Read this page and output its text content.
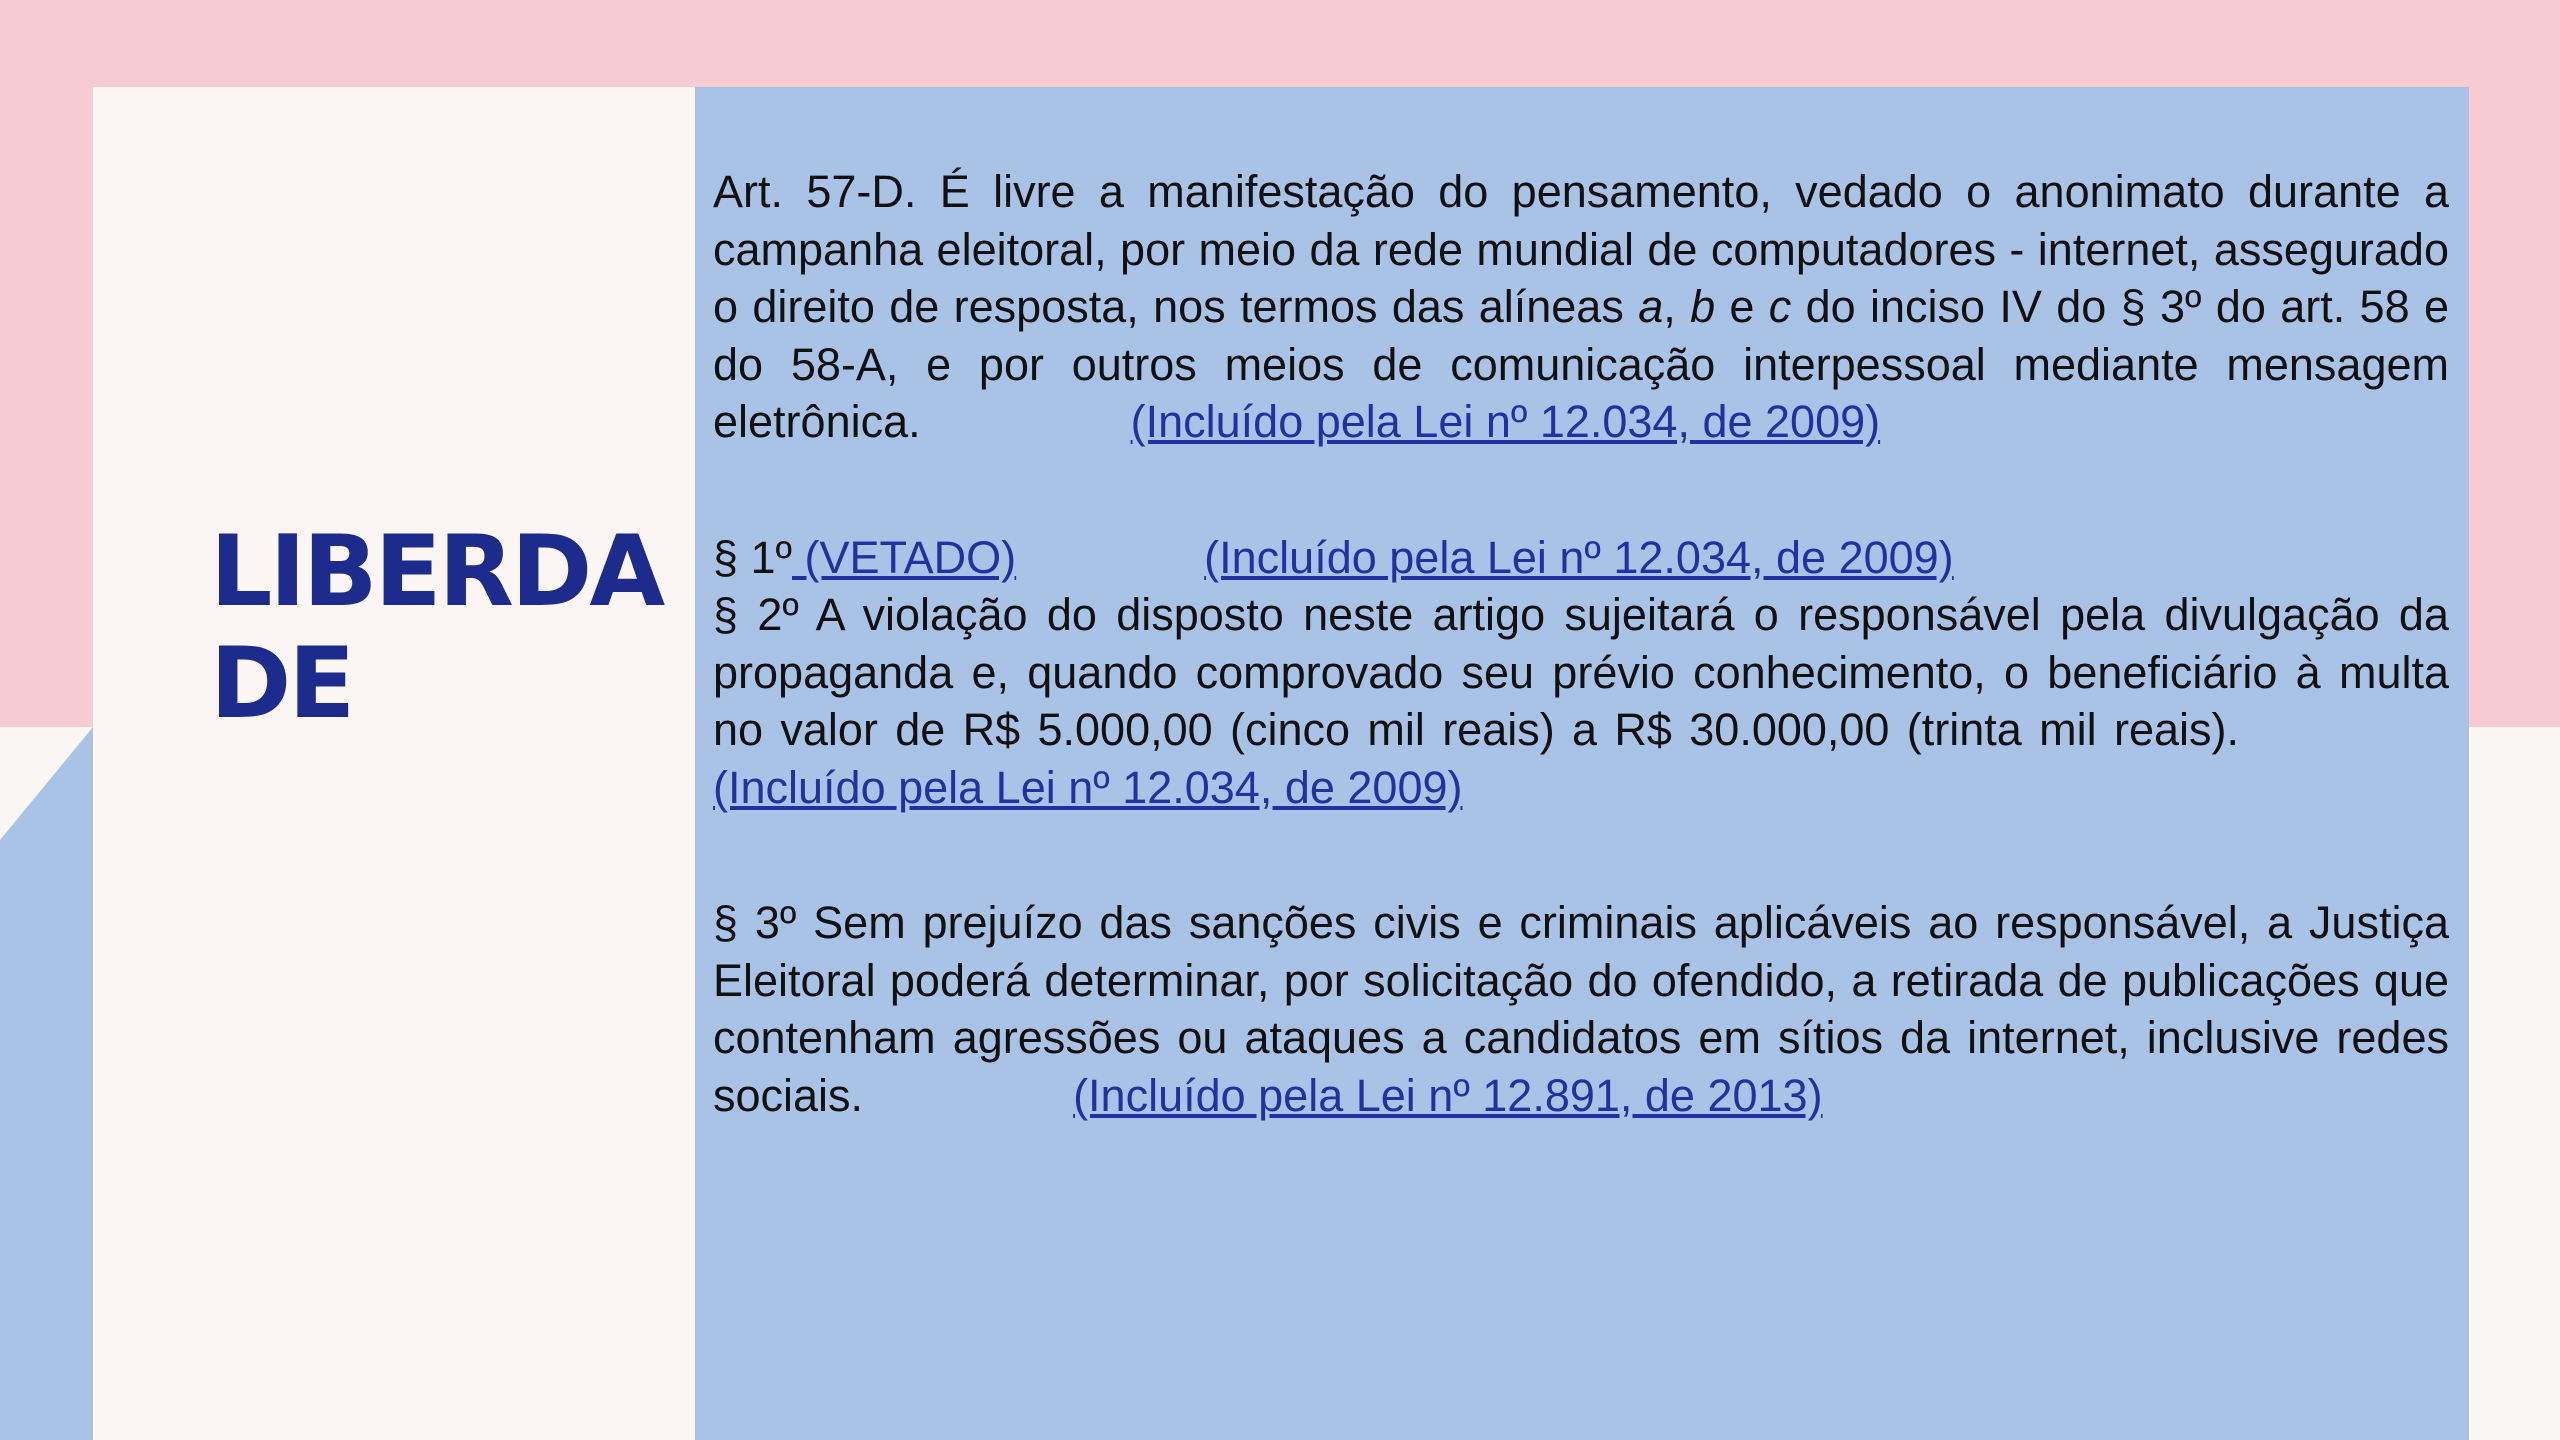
LIBERDA
DE

Art. 57-D. É livre a manifestação do pensamento, vedado o anonimato durante a campanha eleitoral, por meio da rede mundial de computadores - internet, assegurado o direito de resposta, nos termos das alíneas a, b e c do inciso IV do § 3º do art. 58 e do 58-A, e por outros meios de comunicação interpessoal mediante mensagem eletrônica.	(Incluído pela Lei nº 12.034, de 2009)

§ 1º (VETADO)	(Incluído pela Lei nº 12.034, de 2009)

§ 2º A violação do disposto neste artigo sujeitará o responsável pela divulgação da propaganda e, quando comprovado seu prévio conhecimento, o beneficiário à multa no valor de R$ 5.000,00 (cinco mil reais) a R$ 30.000,00 (trinta mil reais).(Incluído pela Lei nº 12.034, de 2009)

§ 3º Sem prejuízo das sanções civis e criminais aplicáveis ao responsável, a Justiça Eleitoral poderá determinar, por solicitação do ofendido, a retirada de publicações que contenham agressões ou ataques a candidatos em sítios da internet, inclusive redes sociais.	(Incluído pela Lei nº 12.891, de 2013)
